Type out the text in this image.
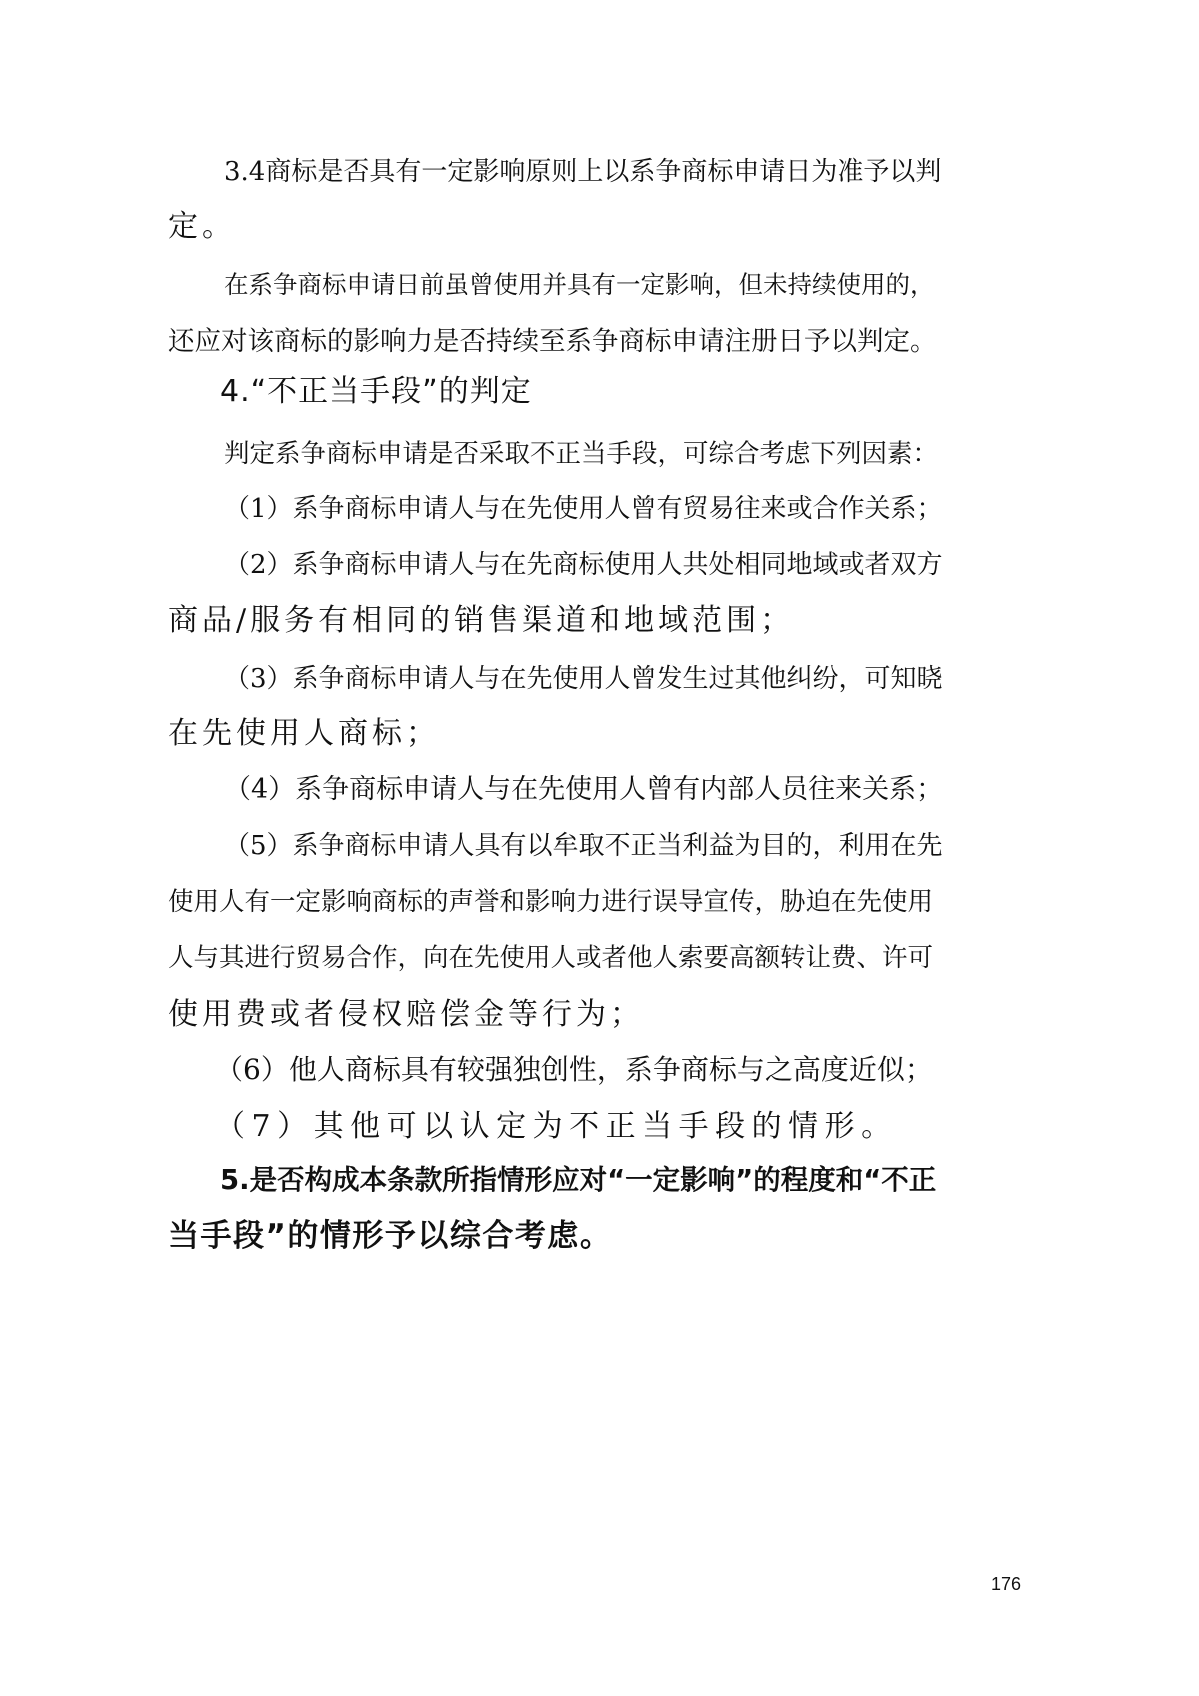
3.4商标是否具有一定影响原则上以系争商标申请日为准予以判

定。

在系争商标申请日前虽曾使用并具有一定影响，但未持续使用的，

还应对该商标的影响力是否持续至系争商标申请注册日予以判定。

4.“不正当手段”的判定

判定系争商标申请是否采取不正当手段，可综合考虑下列因素：

（1）系争商标申请人与在先使用人曾有贸易往来或合作关系；

（2）系争商标申请人与在先商标使用人共处相同地域或者双方

商品/服务有相同的销售渠道和地域范围；

（3）系争商标申请人与在先使用人曾发生过其他纠纷，可知晓

在先使用人商标；

（4）系争商标申请人与在先使用人曾有内部人员往来关系；

（5）系争商标申请人具有以牟取不正当利益为目的，利用在先

使用人有一定影响商标的声誉和影响力进行误导宣传，胁迫在先使用

人与其进行贸易合作，向在先使用人或者他人索要高额转让费、许可

使用费或者侵权赔偿金等行为；

（6）他人商标具有较强独创性，系争商标与之高度近似；

（7）其他可以认定为不正当手段的情形。

5.是否构成本条款所指情形应对“一定影响”的程度和“不正

当手段”的情形予以综合考虑。

176
